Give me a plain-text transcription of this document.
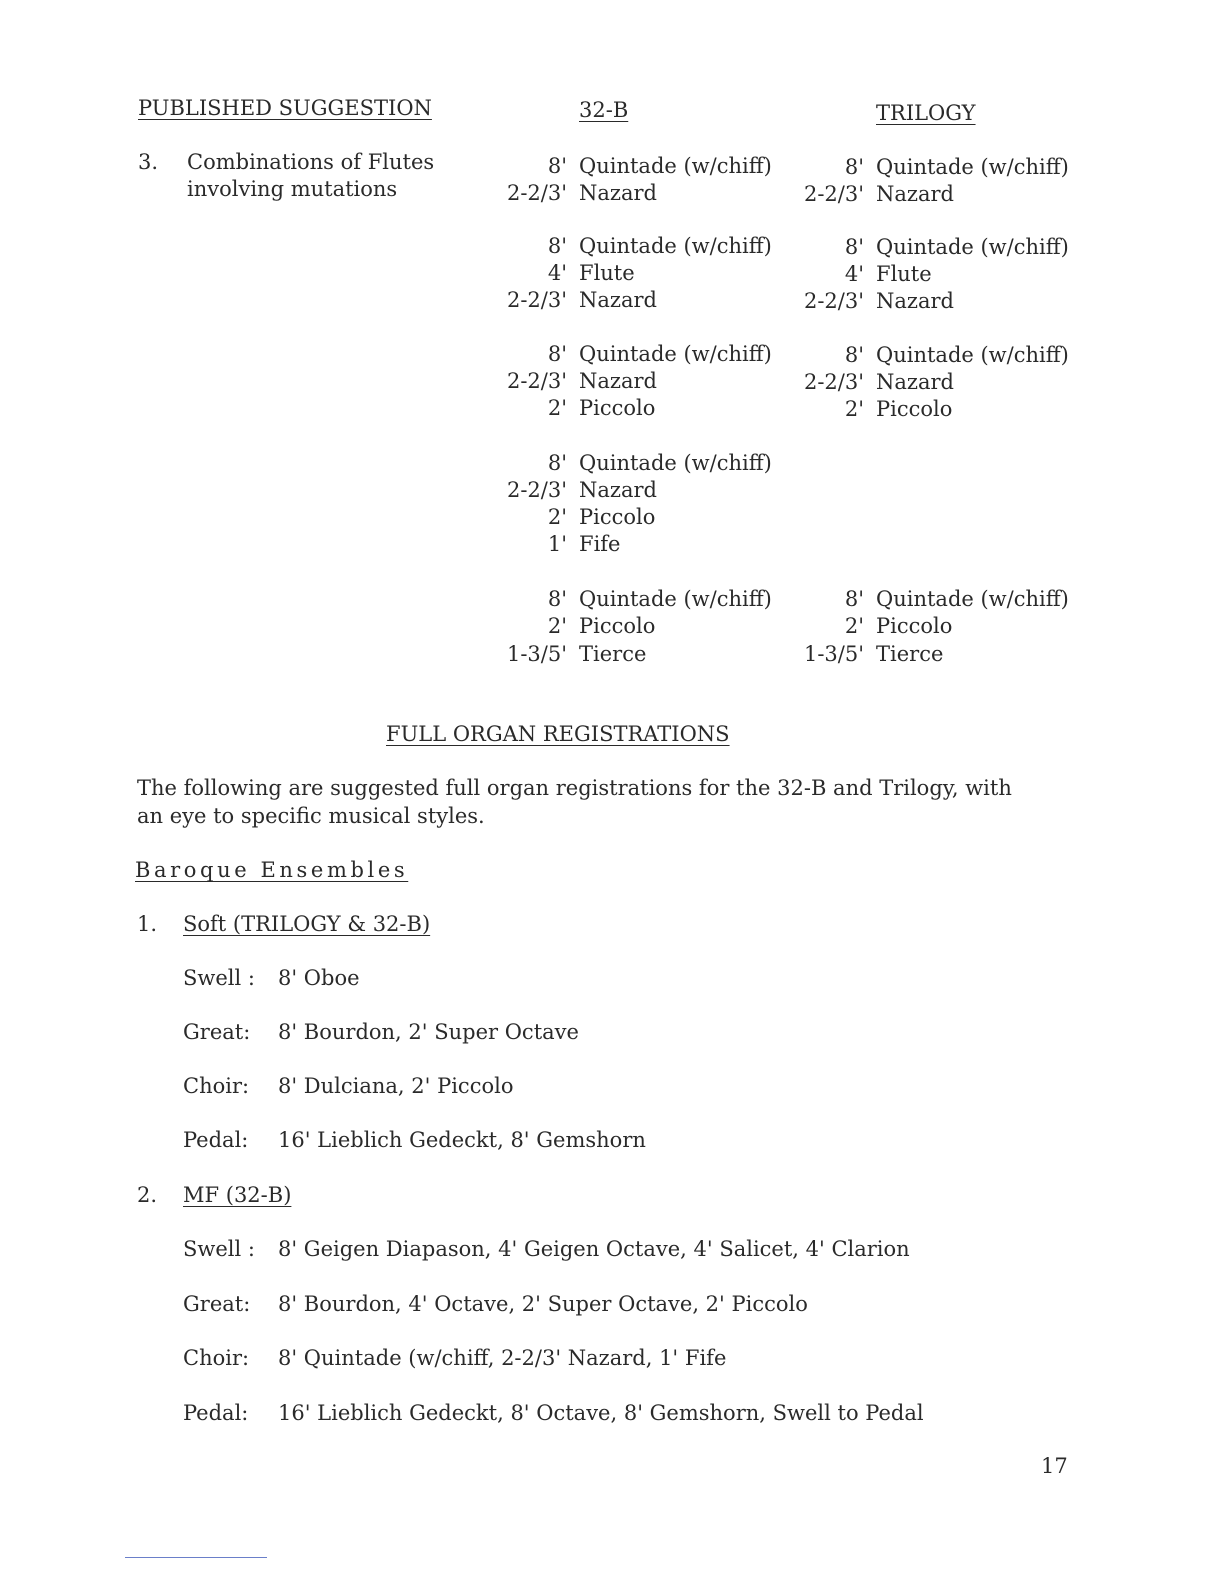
PUBLISHED SUGGESTION	32-B	TRILOGY
3. Combinations of Flutes
involving mutations
8' Quintade (w/chiff)
2-2/3' Nazard
8' Quintade (w/chiff)
4' Flute
2-2/3' Nazard
8' Quintade (w/chiff)
2-2/3' Nazard
2' Piccolo
8' Quintade (w/chiff)
2-2/3' Nazard
2' Piccolo
1' Fife
8' Quintade (w/chiff)
2' Piccolo
1-3/5' Tierce
8' Quintade (w/chiff)
2-2/3' Nazard
8' Quintade (w/chiff)
4' Flute
2-2/3' Nazard
8' Quintade (w/chiff)
2-2/3' Nazard
2' Piccolo
8' Quintade (w/chiff)
2' Piccolo
1-3/5' Tierce
FULL ORGAN REGISTRATIONS
The following are suggested full organ registrations for the 32-B and Trilogy, with
an eye to specific musical styles.
Baroque Ensembles
1. Soft (TRILOGY & 32-B)
Swell : 8' Oboe
Great: 8' Bourdon, 2' Super Octave
Choir: 8' Dulciana, 2' Piccolo
Pedal: 16' Lieblich Gedeckt, 8' Gemshorn
2. MF (32-B)
Swell : 8' Geigen Diapason, 4' Geigen Octave, 4' Salicet, 4' Clarion
Great: 8' Bourdon, 4' Octave, 2' Super Octave, 2' Piccolo
Choir: 8' Quintade (w/chiff, 2-2/3' Nazard, 1' Fife
Pedal: 16' Lieblich Gedeckt, 8' Octave, 8' Gemshorn, Swell to Pedal
17
